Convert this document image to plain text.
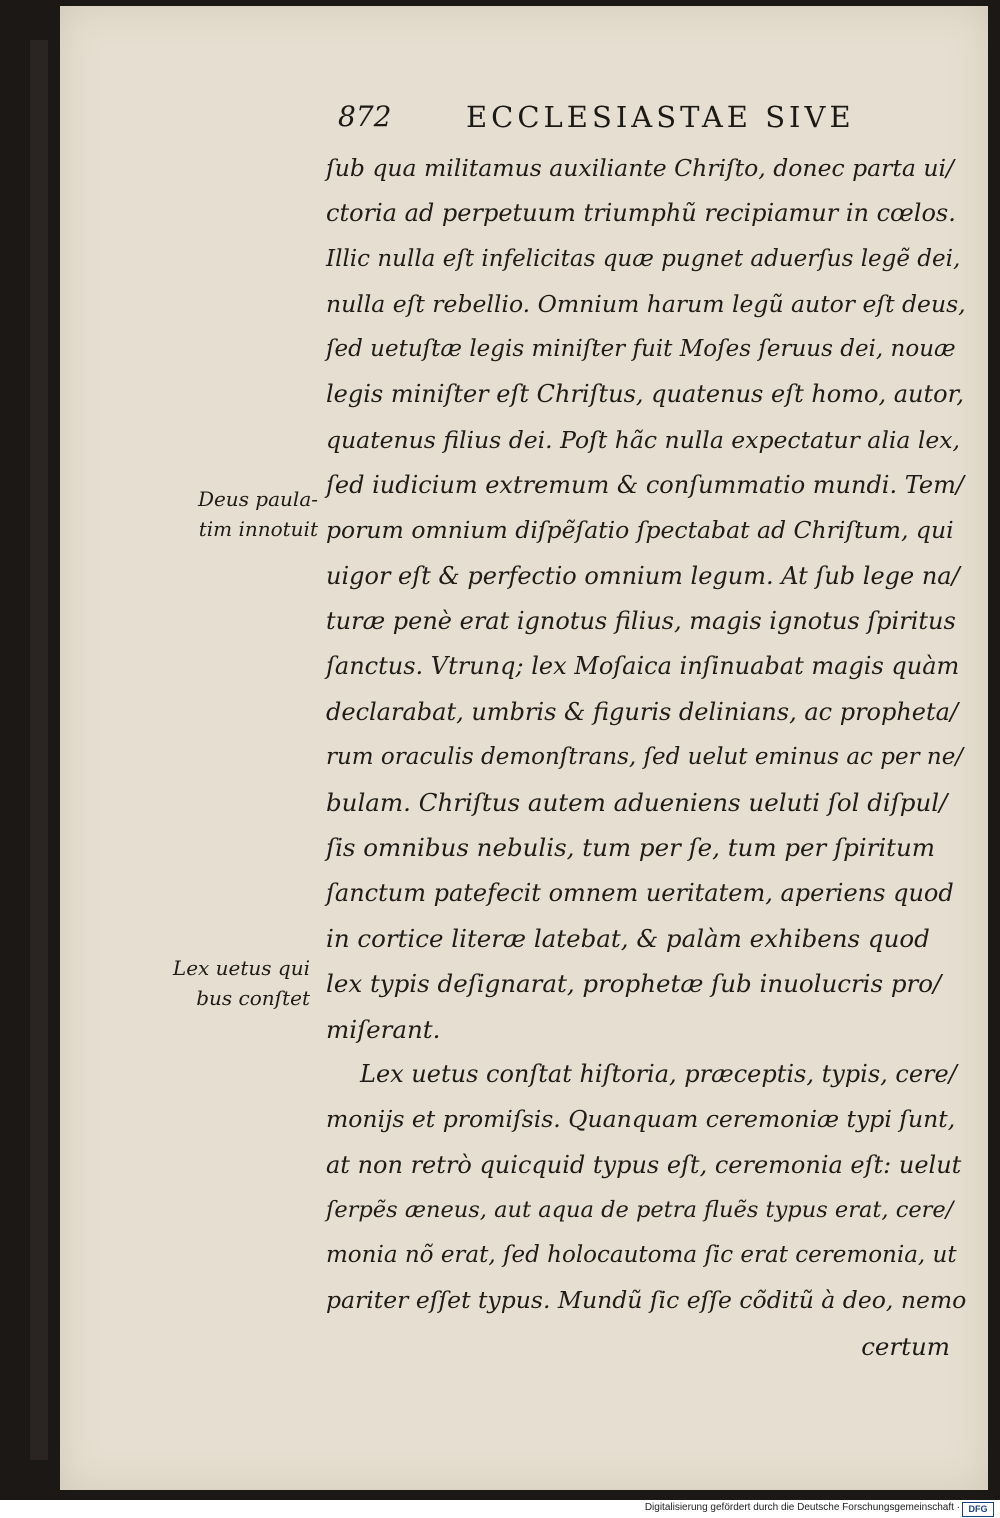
872	ECCLESIASTAE SIVE
ſub qua militamus auxiliante Chriſto, donec parta ui/
ctoria ad perpetuum triumphũ recipiamur in cœlos.
Illic nulla eſt infelicitas quæ pugnet aduerſus legẽ dei,
nulla eſt rebellio. Omnium harum legũ autor eſt deus,
ſed uetuſtæ legis miniſter fuit Moſes ſeruus dei, nouæ
legis miniſter eſt Chriſtus, quatenus eſt homo, autor,
quatenus filius dei. Poſt hãc nulla expectatur alia lex,
ſed iudicium extremum & conſummatio mundi. Tem/
porum omnium diſpẽſatio ſpectabat ad Chriſtum, qui
uigor eſt & perfectio omnium legum. At ſub lege na/
turæ penè erat ignotus filius, magis ignotus ſpiritus
ſanctus. Vtrunq; lex Moſaica inſinuabat magis quàm
declarabat, umbris & figuris delinians, ac propheta/
rum oraculis demonſtrans, ſed uelut eminus ac per ne/
bulam. Chriſtus autem adueniens ueluti ſol diſpul/
ſis omnibus nebulis, tum per ſe, tum per ſpiritum
ſanctum patefecit omnem ueritatem, aperiens quod
in cortice literæ latebat, & palàm exhibens quod
lex typis deſignarat, prophetæ ſub inuolucris pro/
miſerant.
Lex uetus conſtat hiſtoria, præceptis, typis, cere/
monijs et promiſsis. Quanquam ceremoniæ typi ſunt,
at non retrò quicquid typus eſt, ceremonia eſt: uelut
ſerpẽs æneus, aut aqua de petra fluẽs typus erat, cere/
monia nõ erat, ſed holocautoma ſic erat ceremonia, ut
pariter eſſet typus. Mundũ ſic eſſe cõditũ à deo, nemo
certum
Deus paula-
tim innotuit
Lex uetus qui
bus conſtet
Digitalisierung gefördert durch die Deutsche Forschungsgemeinschaft · DFG
